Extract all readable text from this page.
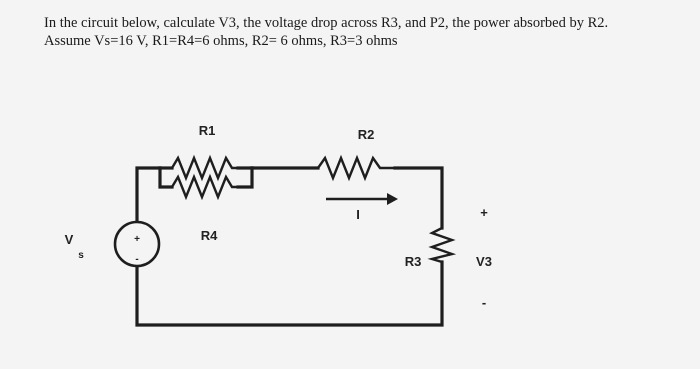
In the circuit below, calculate V3, the voltage drop across R3, and P2, the power absorbed by R2.
Assume Vs=16 V, R1=R4=6 ohms, R2= 6 ohms, R3=3 ohms
+
-
R1	R2
R4
R3	V3
I	+
-
V
s
